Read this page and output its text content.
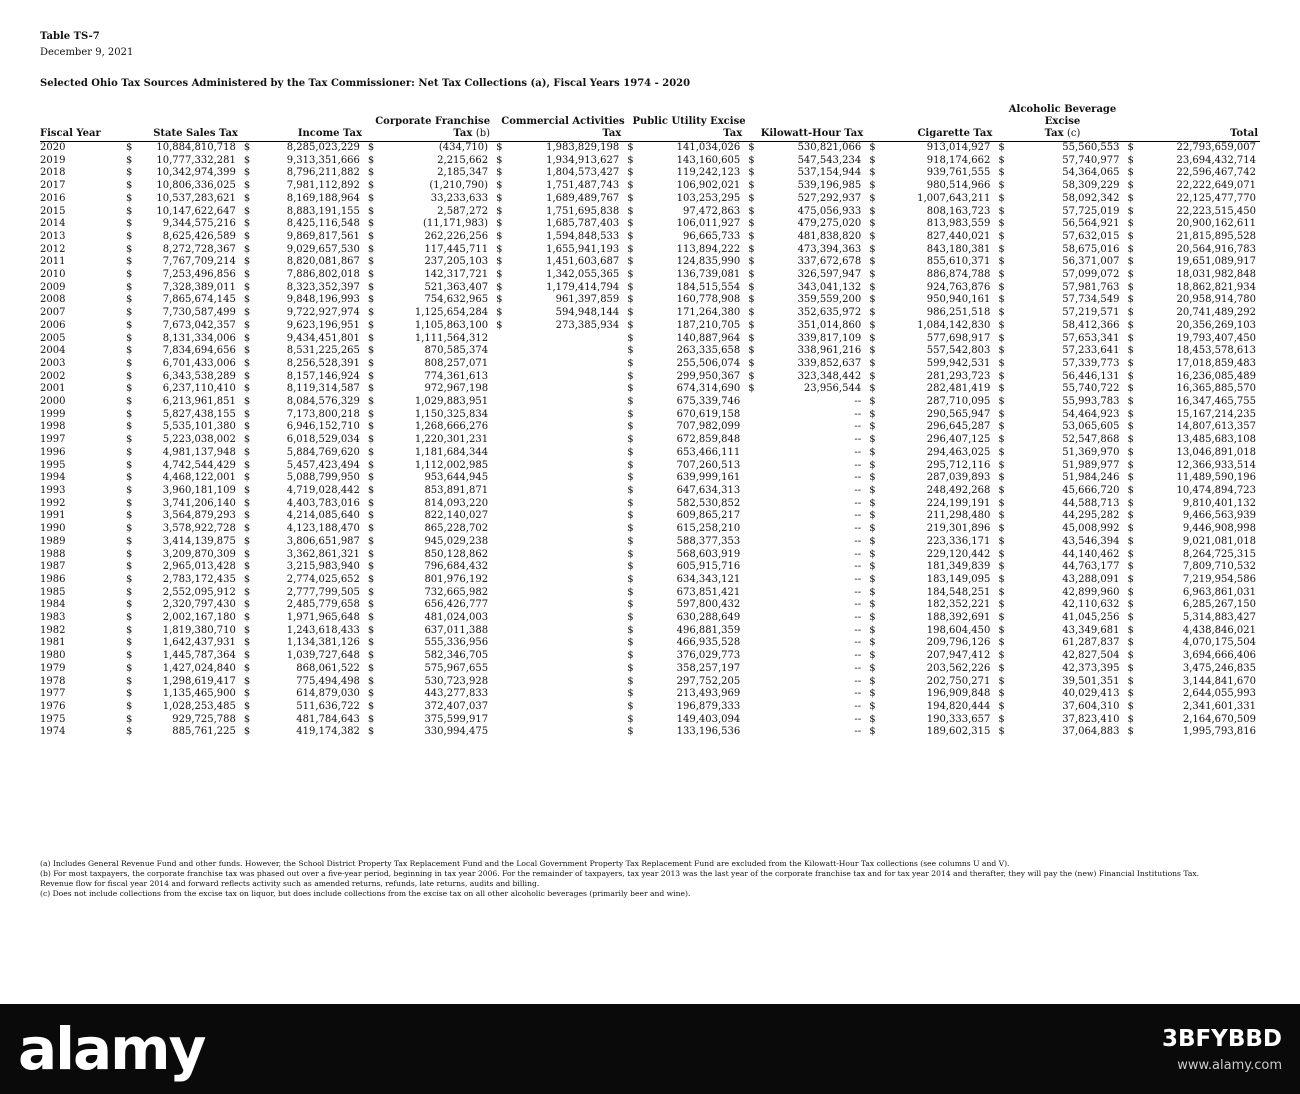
Table TS-7
December 9, 2021
Selected Ohio Tax Sources Administered by the Tax Commissioner: Net Tax Collections (a), Fiscal Years 1974 - 2020
Fiscal Year		State Sales Tax		Income Tax		Corporate Franchise
Tax (b)		Commercial Activities
Tax		Public Utility Excise
Tax		Kilowatt-Hour Tax		Cigarette Tax		Alcoholic Beverage
Excise
Tax (c)		Total
2020	$	10,884,810,718	$	8,285,023,229	$	(434,710)	$	1,983,829,198	$	141,034,026	$	530,821,066	$	913,014,927	$	55,560,553	$	22,793,659,007
2019	$	10,777,332,281	$	9,313,351,666	$	2,215,662	$	1,934,913,627	$	143,160,605	$	547,543,234	$	918,174,662	$	57,740,977	$	23,694,432,714
2018	$	10,342,974,399	$	8,796,211,882	$	2,185,347	$	1,804,573,427	$	119,242,123	$	537,154,944	$	939,761,555	$	54,364,065	$	22,596,467,742
2017	$	10,806,336,025	$	7,981,112,892	$	(1,210,790)	$	1,751,487,743	$	106,902,021	$	539,196,985	$	980,514,966	$	58,309,229	$	22,222,649,071
2016	$	10,537,283,621	$	8,169,188,964	$	33,233,633	$	1,689,489,767	$	103,253,295	$	527,292,937	$	1,007,643,211	$	58,092,342	$	22,125,477,770
2015	$	10,147,622,647	$	8,883,191,155	$	2,587,272	$	1,751,695,838	$	97,472,863	$	475,056,933	$	808,163,723	$	57,725,019	$	22,223,515,450
2014	$	9,344,575,216	$	8,425,116,548	$	(11,171,983)	$	1,685,787,403	$	106,011,927	$	479,275,020	$	813,983,559	$	56,564,921	$	20,900,162,611
2013	$	8,625,426,589	$	9,869,817,561	$	262,226,256	$	1,594,848,533	$	96,665,733	$	481,838,820	$	827,440,021	$	57,632,015	$	21,815,895,528
2012	$	8,272,728,367	$	9,029,657,530	$	117,445,711	$	1,655,941,193	$	113,894,222	$	473,394,363	$	843,180,381	$	58,675,016	$	20,564,916,783
2011	$	7,767,709,214	$	8,820,081,867	$	237,205,103	$	1,451,603,687	$	124,835,990	$	337,672,678	$	855,610,371	$	56,371,007	$	19,651,089,917
2010	$	7,253,496,856	$	7,886,802,018	$	142,317,721	$	1,342,055,365	$	136,739,081	$	326,597,947	$	886,874,788	$	57,099,072	$	18,031,982,848
2009	$	7,328,389,011	$	8,323,352,397	$	521,363,407	$	1,179,414,794	$	184,515,554	$	343,041,132	$	924,763,876	$	57,981,763	$	18,862,821,934
2008	$	7,865,674,145	$	9,848,196,993	$	754,632,965	$	961,397,859	$	160,778,908	$	359,559,200	$	950,940,161	$	57,734,549	$	20,958,914,780
2007	$	7,730,587,499	$	9,722,927,974	$	1,125,654,284	$	594,948,144	$	171,264,380	$	352,635,972	$	986,251,518	$	57,219,571	$	20,741,489,292
2006	$	7,673,042,357	$	9,623,196,951	$	1,105,863,100	$	273,385,934	$	187,210,705	$	351,014,860	$	1,084,142,830	$	58,412,366	$	20,356,269,103
2005	$	8,131,334,006	$	9,434,451,801	$	1,111,564,312			$	140,887,964	$	339,817,109	$	577,698,917	$	57,653,341	$	19,793,407,450
2004	$	7,834,694,656	$	8,531,225,265	$	870,585,374			$	263,335,658	$	338,961,216	$	557,542,803	$	57,233,641	$	18,453,578,613
2003	$	6,701,433,006	$	8,256,528,391	$	808,257,071			$	255,506,074	$	339,852,637	$	599,942,531	$	57,339,773	$	17,018,859,483
2002	$	6,343,538,289	$	8,157,146,924	$	774,361,613			$	299,950,367	$	323,348,442	$	281,293,723	$	56,446,131	$	16,236,085,489
2001	$	6,237,110,410	$	8,119,314,587	$	972,967,198			$	674,314,690	$	23,956,544	$	282,481,419	$	55,740,722	$	16,365,885,570
2000	$	6,213,961,851	$	8,084,576,329	$	1,029,883,951			$	675,339,746		--	$	287,710,095	$	55,993,783	$	16,347,465,755
1999	$	5,827,438,155	$	7,173,800,218	$	1,150,325,834			$	670,619,158		--	$	290,565,947	$	54,464,923	$	15,167,214,235
1998	$	5,535,101,380	$	6,946,152,710	$	1,268,666,276			$	707,982,099		--	$	296,645,287	$	53,065,605	$	14,807,613,357
1997	$	5,223,038,002	$	6,018,529,034	$	1,220,301,231			$	672,859,848		--	$	296,407,125	$	52,547,868	$	13,485,683,108
1996	$	4,981,137,948	$	5,884,769,620	$	1,181,684,344			$	653,466,111		--	$	294,463,025	$	51,369,970	$	13,046,891,018
1995	$	4,742,544,429	$	5,457,423,494	$	1,112,002,985			$	707,260,513		--	$	295,712,116	$	51,989,977	$	12,366,933,514
1994	$	4,468,122,001	$	5,088,799,950	$	953,644,945			$	639,999,161		--	$	287,039,893	$	51,984,246	$	11,489,590,196
1993	$	3,960,181,109	$	4,719,028,442	$	853,891,871			$	647,634,313		--	$	248,492,268	$	45,666,720	$	10,474,894,723
1992	$	3,741,206,140	$	4,403,783,016	$	814,093,220			$	582,530,852		--	$	224,199,191	$	44,588,713	$	9,810,401,132
1991	$	3,564,879,293	$	4,214,085,640	$	822,140,027			$	609,865,217		--	$	211,298,480	$	44,295,282	$	9,466,563,939
1990	$	3,578,922,728	$	4,123,188,470	$	865,228,702			$	615,258,210		--	$	219,301,896	$	45,008,992	$	9,446,908,998
1989	$	3,414,139,875	$	3,806,651,987	$	945,029,238			$	588,377,353		--	$	223,336,171	$	43,546,394	$	9,021,081,018
1988	$	3,209,870,309	$	3,362,861,321	$	850,128,862			$	568,603,919		--	$	229,120,442	$	44,140,462	$	8,264,725,315
1987	$	2,965,013,428	$	3,215,983,940	$	796,684,432			$	605,915,716		--	$	181,349,839	$	44,763,177	$	7,809,710,532
1986	$	2,783,172,435	$	2,774,025,652	$	801,976,192			$	634,343,121		--	$	183,149,095	$	43,288,091	$	7,219,954,586
1985	$	2,552,095,912	$	2,777,799,505	$	732,665,982			$	673,851,421		--	$	184,548,251	$	42,899,960	$	6,963,861,031
1984	$	2,320,797,430	$	2,485,779,658	$	656,426,777			$	597,800,432		--	$	182,352,221	$	42,110,632	$	6,285,267,150
1983	$	2,002,167,180	$	1,971,965,648	$	481,024,003			$	630,288,649		--	$	188,392,691	$	41,045,256	$	5,314,883,427
1982	$	1,819,380,710	$	1,243,618,433	$	637,011,388			$	496,881,359		--	$	198,604,450	$	43,349,681	$	4,438,846,021
1981	$	1,642,437,931	$	1,134,381,126	$	555,336,956			$	466,935,528		--	$	209,796,126	$	61,287,837	$	4,070,175,504
1980	$	1,445,787,364	$	1,039,727,648	$	582,346,705			$	376,029,773		--	$	207,947,412	$	42,827,504	$	3,694,666,406
1979	$	1,427,024,840	$	868,061,522	$	575,967,655			$	358,257,197		--	$	203,562,226	$	42,373,395	$	3,475,246,835
1978	$	1,298,619,417	$	775,494,498	$	530,723,928			$	297,752,205		--	$	202,750,271	$	39,501,351	$	3,144,841,670
1977	$	1,135,465,900	$	614,879,030	$	443,277,833			$	213,493,969		--	$	196,909,848	$	40,029,413	$	2,644,055,993
1976	$	1,028,253,485	$	511,636,722	$	372,407,037			$	196,879,333		--	$	194,820,444	$	37,604,310	$	2,341,601,331
1975	$	929,725,788	$	481,784,643	$	375,599,917			$	149,403,094		--	$	190,333,657	$	37,823,410	$	2,164,670,509
1974	$	885,761,225	$	419,174,382	$	330,994,475			$	133,196,536		--	$	189,602,315	$	37,064,883	$	1,995,793,816
(a) Includes General Revenue Fund and other funds. However, the School District Property Tax Replacement Fund and the Local Government Property Tax Replacement Fund are excluded from the Kilowatt-Hour Tax collections (see columns U and V).
(b) For most taxpayers, the corporate franchise tax was phased out over a five-year period, beginning in tax year 2006. For the remainder of taxpayers, tax year 2013 was the last year of the corporate franchise tax and for tax year 2014 and therafter, they will pay the (new) Financial Institutions Tax.
Revenue flow for fiscal year 2014 and forward reflects activity such as amended returns, refunds, late returns, audits and billing.
(c) Does not include collections from the excise tax on liquor, but does include collections from the excise tax on all other alcoholic beverages (primarily beer and wine).
alamy	3BFYBBD
www.alamy.com
